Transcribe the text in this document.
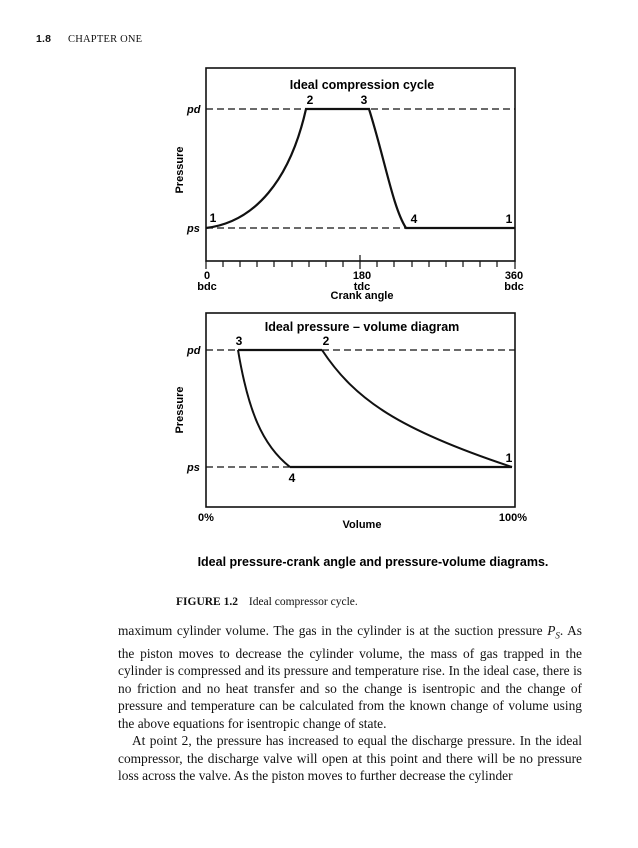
1.8 CHAPTER ONE
Ideal compression cycle
pd
ps
Pressure
2	3
1	4	1
0
bdc
180
tdc
360
bdc
Crank angle
Ideal pressure – volume diagram
pd
ps
Pressure
3	2
4
1
0%	100%
Volume
Ideal pressure-crank angle and pressure-volume diagrams.
FIGURE 1.2 Ideal compressor cycle.

maximum cylinder volume. The gas in the cylinder is at the suction pressure $P_S$. As the piston moves to decrease the cylinder volume, the mass of gas trapped in the cylinder is compressed and its pressure and temperature rise. In the ideal case, there is no friction and no heat transfer and so the change is isentropic and the change of pressure and temperature can be calculated from the known change of volume using the above equations for isentropic change of state.

At point 2, the pressure has increased to equal the discharge pressure. In the ideal compressor, the discharge valve will open at this point and there will be no pressure loss across the valve. As the piston moves to further decrease the cylinder
